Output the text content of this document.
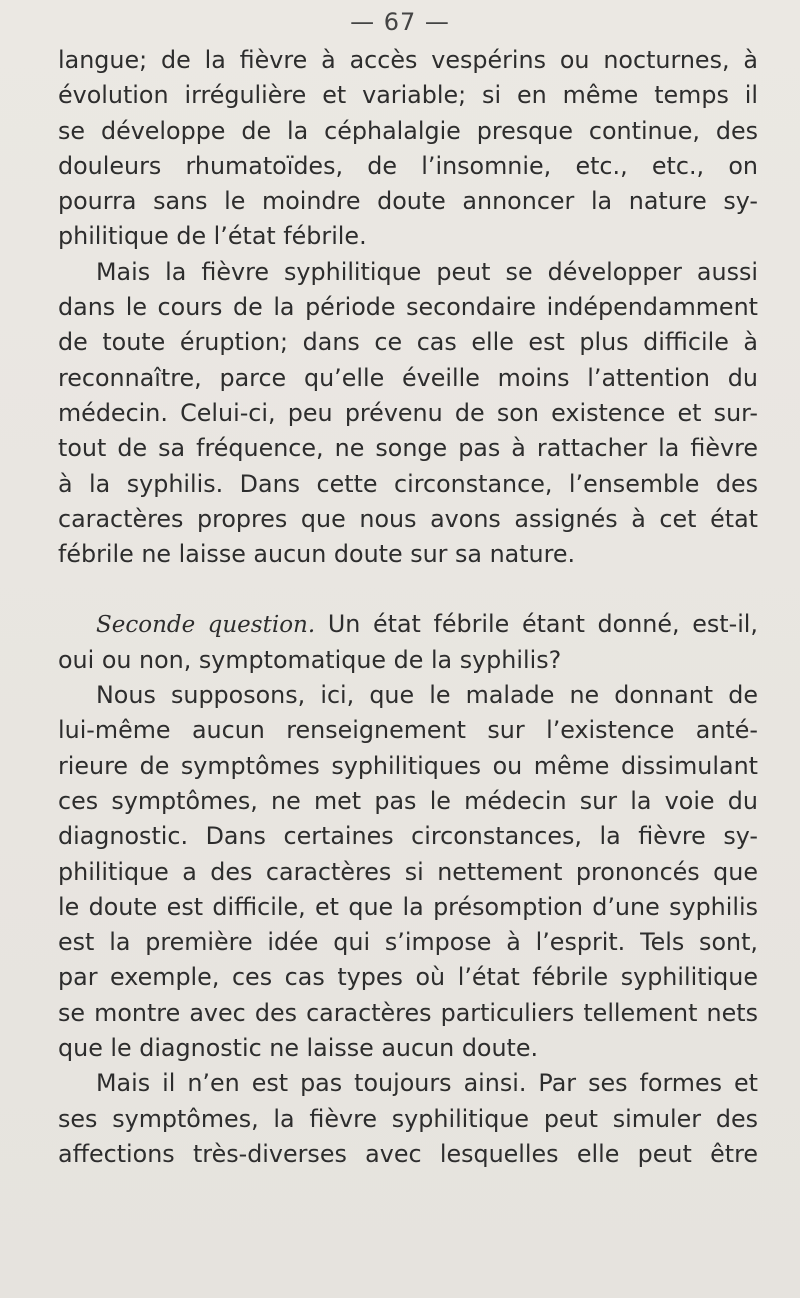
— 67 —
langue; de la fièvre à accès vespérins ou nocturnes, à
évolution irrégulière et variable; si en même temps il
se développe de la céphalalgie presque continue, des
douleurs rhumatoïdes, de l’insomnie, etc., etc., on
pourra sans le moindre doute annoncer la nature sy-
philitique de l’état fébrile.
Mais la fièvre syphilitique peut se développer aussi
dans le cours de la période secondaire indépendamment
de toute éruption; dans ce cas elle est plus difficile à
reconnaître, parce qu’elle éveille moins l’attention du
médecin. Celui-ci, peu prévenu de son existence et sur-
tout de sa fréquence, ne songe pas à rattacher la fièvre
à la syphilis. Dans cette circonstance, l’ensemble des
caractères propres que nous avons assignés à cet état
fébrile ne laisse aucun doute sur sa nature.
Seconde question. Un état fébrile étant donné, est-il,
oui ou non, symptomatique de la syphilis?
Nous supposons, ici, que le malade ne donnant de
lui-même aucun renseignement sur l’existence anté-
rieure de symptômes syphilitiques ou même dissimulant
ces symptômes, ne met pas le médecin sur la voie du
diagnostic. Dans certaines circonstances, la fièvre sy-
philitique a des caractères si nettement prononcés que
le doute est difficile, et que la présomption d’une syphilis
est la première idée qui s’impose à l’esprit. Tels sont,
par exemple, ces cas types où l’état fébrile syphilitique
se montre avec des caractères particuliers tellement nets
que le diagnostic ne laisse aucun doute.
Mais il n’en est pas toujours ainsi. Par ses formes et
ses symptômes, la fièvre syphilitique peut simuler des
affections très-diverses avec lesquelles elle peut être
